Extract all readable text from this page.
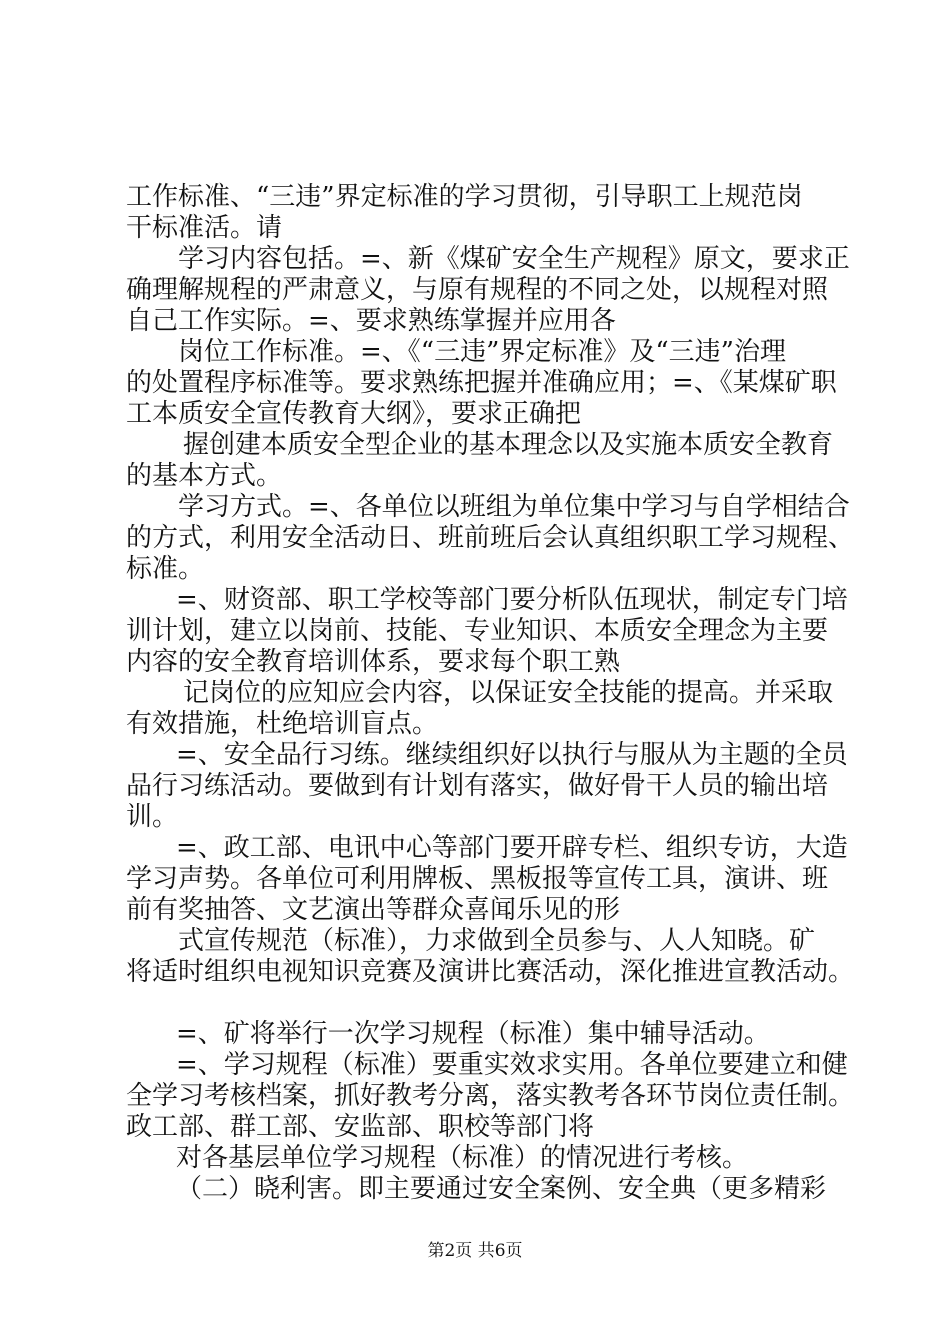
工作标准、“三违”界定标准的学习贯彻，引导职工上规范岗
干标准活。请
学习内容包括。=、新《煤矿安全生产规程》原文，要求正
确理解规程的严肃意义，与原有规程的不同之处，以规程对照
自己工作实际。=、要求熟练掌握并应用各
岗位工作标准。=、《“三违”界定标准》及“三违”治理
的处置程序标准等。要求熟练把握并准确应用；=、《某煤矿职
工本质安全宣传教育大纲》，要求正确把
握创建本质安全型企业的基本理念以及实施本质安全教育
的基本方式。
学习方式。=、各单位以班组为单位集中学习与自学相结合
的方式，利用安全活动日、班前班后会认真组织职工学习规程、
标准。
=、财资部、职工学校等部门要分析队伍现状，制定专门培
训计划，建立以岗前、技能、专业知识、本质安全理念为主要
内容的安全教育培训体系，要求每个职工熟
记岗位的应知应会内容，以保证安全技能的提高。并采取
有效措施，杜绝培训盲点。
=、安全品行习练。继续组织好以执行与服从为主题的全员
品行习练活动。要做到有计划有落实，做好骨干人员的输出培
训。
=、政工部、电讯中心等部门要开辟专栏、组织专访，大造
学习声势。各单位可利用牌板、黑板报等宣传工具，演讲、班
前有奖抽答、文艺演出等群众喜闻乐见的形
式宣传规范（标准），力求做到全员参与、人人知晓。矿
将适时组织电视知识竞赛及演讲比赛活动，深化推进宣教活动。
=、矿将举行一次学习规程（标准）集中辅导活动。
=、学习规程（标准）要重实效求实用。各单位要建立和健
全学习考核档案，抓好教考分离，落实教考各环节岗位责任制。
政工部、群工部、安监部、职校等部门将
对各基层单位学习规程（标准）的情况进行考核。
（二）晓利害。即主要通过安全案例、安全典（更多精彩
第2页 共6页
